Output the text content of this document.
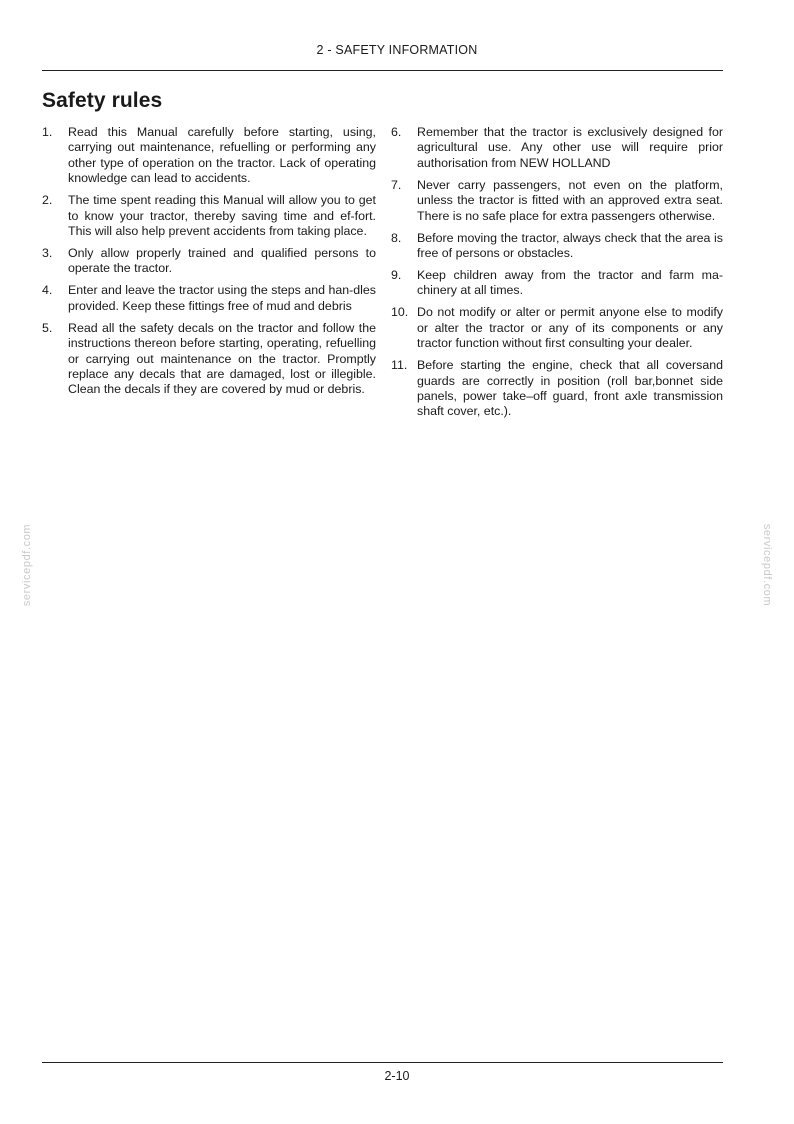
2 - SAFETY INFORMATION
Safety rules
1.	Read this Manual carefully before starting, using, carrying out maintenance, refuelling or performing any other type of operation on the tractor. Lack of operating knowledge can lead to accidents.
2.	The time spent reading this Manual will allow you to get to know your tractor, thereby saving time and ef-fort. This will also help prevent accidents from taking place.
3.	Only allow properly trained and qualified persons to operate the tractor.
4.	Enter and leave the tractor using the steps and han-dles provided. Keep these fittings free of mud and debris
5.	Read all the safety decals on the tractor and follow the instructions thereon before starting, operating, refuelling or carrying out maintenance on the tractor. Promptly replace any decals that are damaged, lost or illegible. Clean the decals if they are covered by mud or debris.
6.	Remember that the tractor is exclusively designed for agricultural use. Any other use will require prior authorisation from NEW HOLLAND
7.	Never carry passengers, not even on the platform, unless the tractor is fitted with an approved extra seat. There is no safe place for extra passengers otherwise.
8.	Before moving the tractor, always check that the area is free of persons or obstacles.
9.	Keep children away from the tractor and farm ma-chinery at all times.
10. Do not modify or alter or permit anyone else to modify or alter the tractor or any of its components or any tractor function without first consulting your dealer.
11. Before starting the engine, check that all coversand guards are correctly in position (roll bar,bonnet side panels, power take–off guard, front axle transmission shaft cover, etc.).
servicepdf.com	servicepdf.com
2-10
